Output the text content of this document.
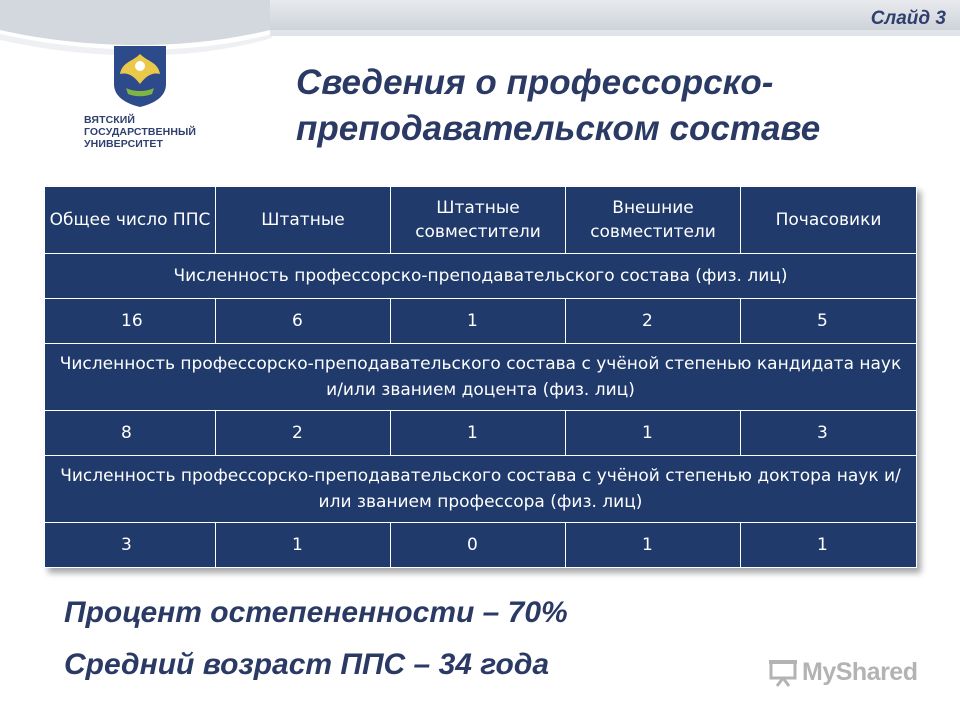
Слайд 3
ВЯТСКИЙ
ГОСУДАРСТВЕННЫЙ
УНИВЕРСИТЕТ
Сведения о профессорско-
преподавательском составе
Общее число ППС	Штатные	Штатные совместители	Внешние совместители	Почасовики
Численность профессорско-преподавательского состава (физ. лиц)				
16	6	1	2	5
Численность профессорско-преподавательского состава с учёной степенью кандидата наук и/или званием доцента (физ. лиц)				
8	2	1	1	3
Численность профессорско-преподавательского состава с учёной степенью доктора наук и/или званием профессора (физ. лиц)				
3	1	0	1	1
Процент остепененности – 70%
Средний возраст ППС – 34 года	MyShared
